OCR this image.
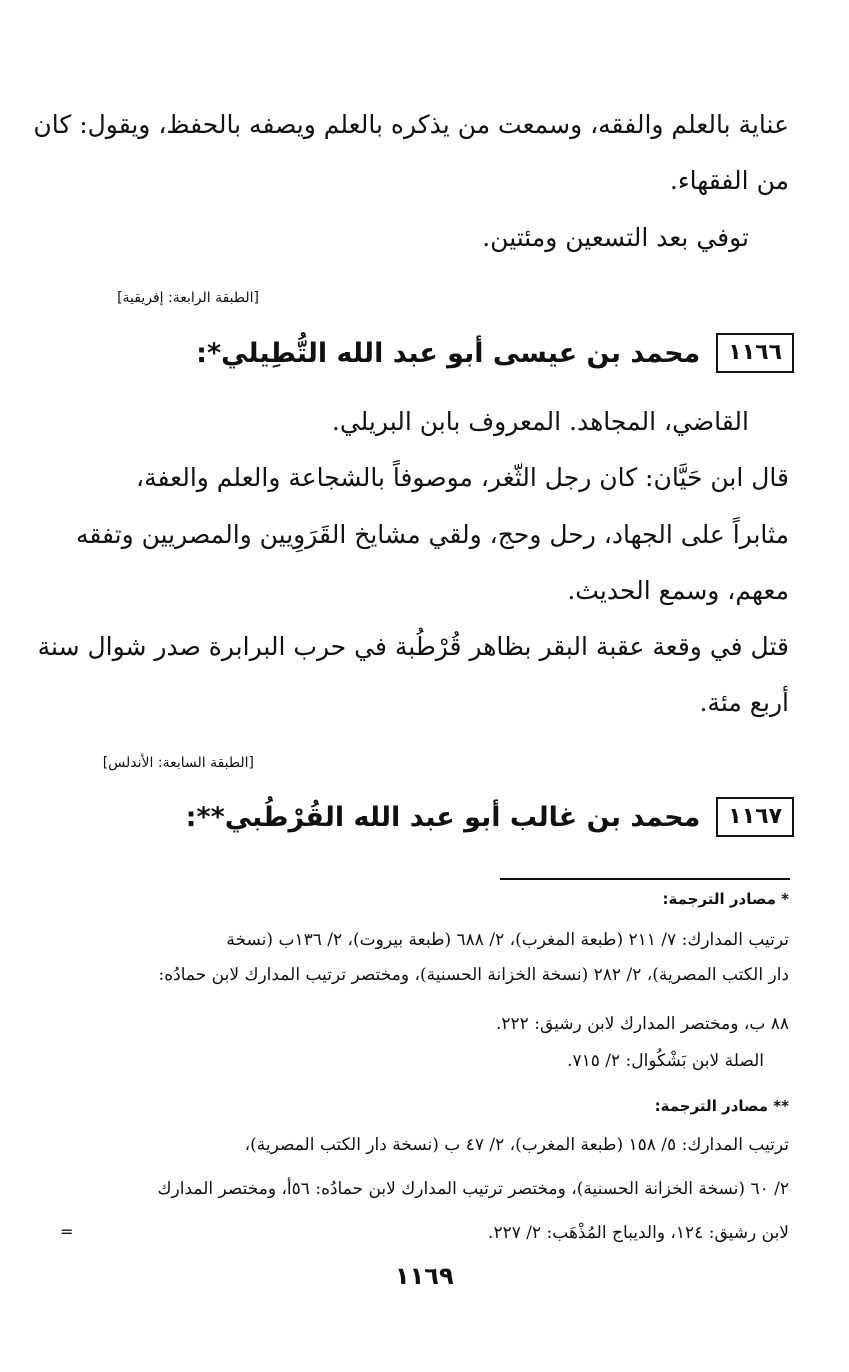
عناية بالعلم والفقه، وسمعت من يذكره بالعلم ويصفه بالحفظ، ويقول: كان
من الفقهاء.
توفي بعد التسعين ومئتين.
[الطبقة الرابعة: إفريقية]
١١٦٦
محمد بن عيسى أبو عبد الله التُّطِيلي*:
القاضي، المجاهد. المعروف بابن البريلي.
قال ابن حَيَّان: كان رجل الثّغر، موصوفاً بالشجاعة والعلم والعفة،
مثابراً على الجهاد، رحل وحج، ولقي مشايخ القَرَوِيين والمصريين وتفقه
معهم، وسمع الحديث.
قتل في وقعة عقبة البقر بظاهر قُرْطُبة في حرب البرابرة صدر شوال سنة
أربع مئة.
[الطبقة السابعة: الأندلس]
١١٦٧
محمد بن غالب أبو عبد الله القُرْطُبي**:
* مصادر الترجمة:
ترتيب المدارك: ٧/ ٢١١ (طبعة المغرب)، ٢/ ٦٨٨ (طبعة بيروت)، ٢/ ١٣٦ب (نسخة
دار الكتب المصرية)، ٢/ ٢٨٢ (نسخة الخزانة الحسنية)، ومختصر ترتيب المدارك لابن حمادُه:
٨٨ ب، ومختصر المدارك لابن رشيق: ٢٢٢.
الصلة لابن بَشْكُوال: ٢/ ٧١٥.
** مصادر الترجمة:
ترتيب المدارك: ٥/ ١٥٨ (طبعة المغرب)، ٢/ ٤٧ ب (نسخة دار الكتب المصرية)،
٢/ ٦٠ (نسخة الخزانة الحسنية)، ومختصر ترتيب المدارك لابن حمادُه: ٥٦أ، ومختصر المدارك
لابن رشيق: ١٢٤، والديباج المُذْهَب: ٢/ ٢٢٧.
=
١١٦٩
